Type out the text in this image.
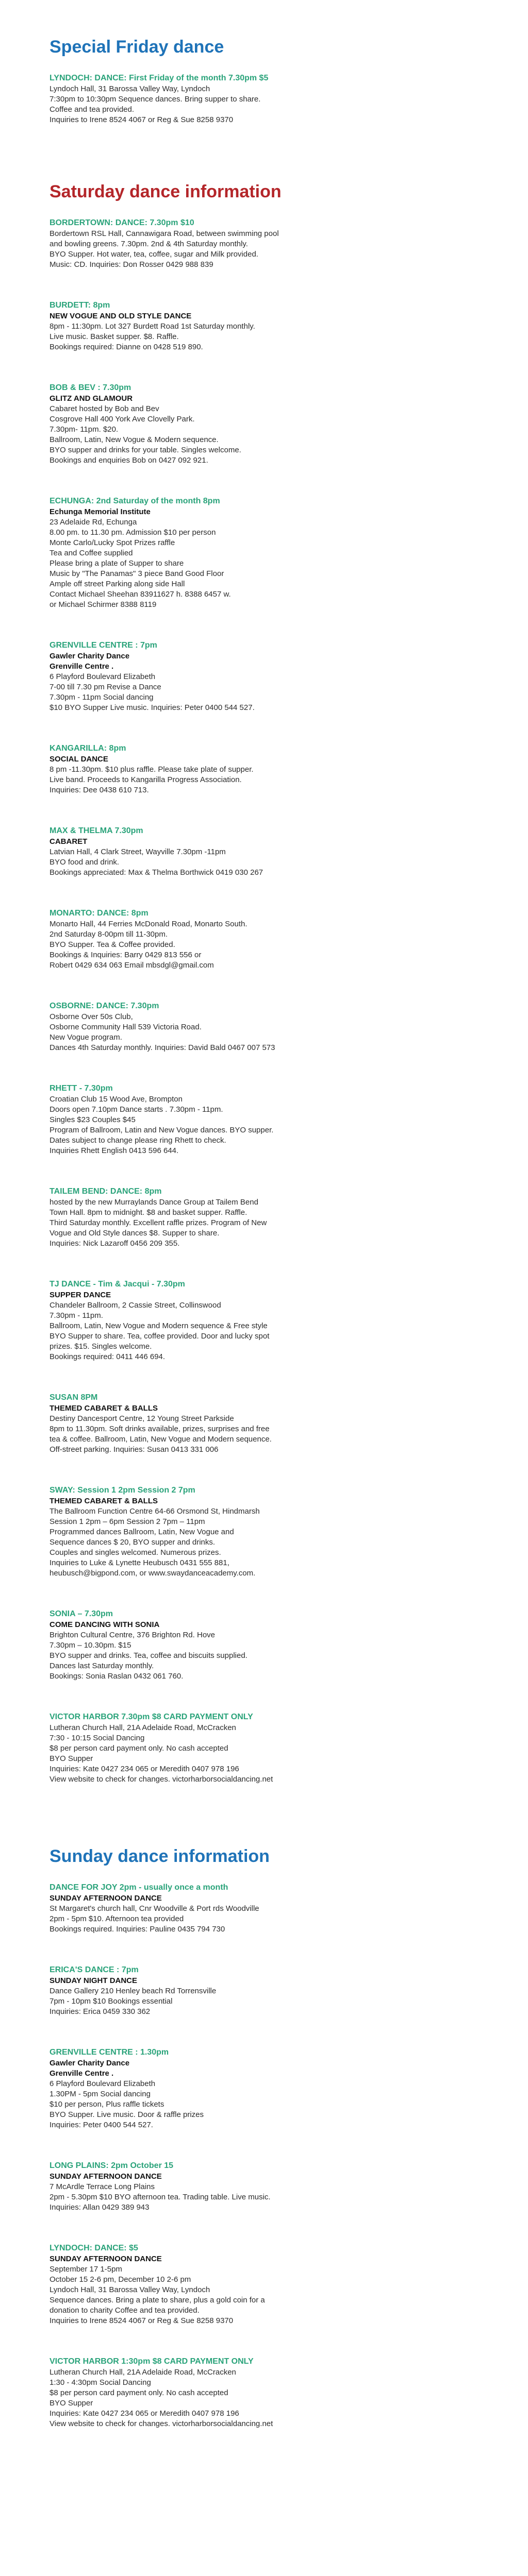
Special Friday dance
LYNDOCH: DANCE: First Friday of the month 7.30pm $5
Lyndoch Hall, 31 Barossa Valley Way, Lyndoch
7:30pm to 10:30pm Sequence dances. Bring supper to share.
Coffee and tea provided.
Inquiries to Irene 8524 4067 or Reg & Sue 8258 9370
Saturday dance information
BORDERTOWN: DANCE: 7.30pm $10
Bordertown RSL Hall, Cannawigara Road, between swimming pool
and bowling greens. 7.30pm. 2nd & 4th Saturday monthly.
BYO Supper. Hot water, tea, coffee, sugar and Milk provided.
Music: CD. Inquiries: Don Rosser 0429 988 839
BURDETT: 8pm
NEW VOGUE AND OLD STYLE DANCE
8pm - 11:30pm. Lot 327 Burdett Road 1st Saturday monthly.
Live music. Basket supper. $8. Raffle.
Bookings required: Dianne on 0428 519 890.
BOB & BEV : 7.30pm
GLITZ AND GLAMOUR
Cabaret hosted by Bob and Bev
Cosgrove Hall 400 York Ave Clovelly Park.
7.30pm- 11pm. $20.
Ballroom, Latin, New Vogue & Modern sequence.
BYO supper and drinks for your table. Singles welcome.
Bookings and enquiries Bob on 0427 092 921.
ECHUNGA: 2nd Saturday of the month 8pm
Echunga Memorial Institute
23 Adelaide Rd, Echunga
8.00 pm. to 11.30 pm. Admission $10 per person
Monte Carlo/Lucky Spot Prizes raffle
Tea and Coffee supplied
Please bring a plate of Supper to share
Music by "The Panamas" 3 piece Band Good Floor
Ample off street Parking along side Hall
Contact Michael Sheehan 83911627 h. 8388 6457 w.
or Michael Schirmer 8388 8119
GRENVILLE CENTRE : 7pm
Gawler Charity Dance
Grenville Centre .
6 Playford Boulevard Elizabeth
7-00 till 7.30 pm Revise a Dance
7.30pm - 11pm Social dancing
$10 BYO Supper Live music. Inquiries: Peter 0400 544 527.
KANGARILLA: 8pm
SOCIAL DANCE
8 pm -11.30pm. $10 plus raffle. Please take plate of supper.
Live band. Proceeds to Kangarilla Progress Association.
Inquiries: Dee 0438 610 713.
MAX & THELMA 7.30pm
CABARET
Latvian Hall, 4 Clark Street, Wayville 7.30pm -11pm
BYO food and drink.
Bookings appreciated: Max & Thelma Borthwick 0419 030 267
MONARTO: DANCE: 8pm
Monarto Hall, 44 Ferries McDonald Road, Monarto South.
2nd Saturday 8-00pm till 11-30pm.
BYO Supper. Tea & Coffee provided.
Bookings & Inquiries: Barry 0429 813 556 or
Robert 0429 634 063 Email mbsdgl@gmail.com
OSBORNE: DANCE: 7.30pm
Osborne Over 50s Club,
Osborne Community Hall 539 Victoria Road.
New Vogue program.
Dances 4th Saturday monthly. Inquiries: David Bald 0467 007 573
RHETT - 7.30pm
Croatian Club 15 Wood Ave, Brompton
Doors open 7.10pm Dance starts . 7.30pm - 11pm.
Singles $23 Couples $45
Program of Ballroom, Latin and New Vogue dances. BYO supper.
Dates subject to change please ring Rhett to check.
Inquiries Rhett English 0413 596 644.
TAILEM BEND: DANCE: 8pm
hosted by the new Murraylands Dance Group at Tailem Bend
Town Hall. 8pm to midnight. $8 and basket supper. Raffle.
Third Saturday monthly. Excellent raffle prizes. Program of New
Vogue and Old Style dances $8. Supper to share.
Inquiries: Nick Lazaroff 0456 209 355.
TJ DANCE - Tim & Jacqui - 7.30pm
SUPPER DANCE
Chandeler Ballroom, 2 Cassie Street, Collinswood
7.30pm - 11pm.
Ballroom, Latin, New Vogue and Modern sequence & Free style
BYO Supper to share. Tea, coffee provided. Door and lucky spot
prizes. $15. Singles welcome.
Bookings required: 0411 446 694.
SUSAN 8PM
THEMED CABARET & BALLS
Destiny Dancesport Centre, 12 Young Street Parkside
8pm to 11.30pm. Soft drinks available, prizes, surprises and free
tea & coffee. Ballroom, Latin, New Vogue and Modern sequence.
Off-street parking. Inquiries: Susan 0413 331 006
SWAY: Session 1 2pm Session 2 7pm
THEMED CABARET & BALLS
The Ballroom Function Centre 64-66 Orsmond St, Hindmarsh
Session 1 2pm – 6pm Session 2 7pm – 11pm
Programmed dances Ballroom, Latin, New Vogue and
Sequence dances $ 20, BYO supper and drinks.
Couples and singles welcomed. Numerous prizes.
Inquiries to Luke & Lynette Heubusch 0431 555 881,
heubusch@bigpond.com, or www.swaydanceacademy.com.
SONIA – 7.30pm
COME DANCING WITH SONIA
Brighton Cultural Centre, 376 Brighton Rd. Hove
7.30pm – 10.30pm. $15
BYO supper and drinks. Tea, coffee and biscuits supplied.
Dances last Saturday monthly.
Bookings: Sonia Raslan 0432 061 760.
VICTOR HARBOR 7.30pm $8 CARD PAYMENT ONLY
Lutheran Church Hall, 21A Adelaide Road, McCracken
7:30 - 10:15 Social Dancing
$8 per person card payment only. No cash accepted
BYO Supper
Inquiries: Kate 0427 234 065 or Meredith 0407 978 196
View website to check for changes. victorharborsocialdancing.net
Sunday dance information
DANCE FOR JOY 2pm - usually once a month
SUNDAY AFTERNOON DANCE
St Margaret's church hall, Cnr Woodville & Port rds Woodville
2pm - 5pm $10. Afternoon tea provided
Bookings required. Inquiries: Pauline 0435 794 730
ERICA'S DANCE : 7pm
SUNDAY NIGHT DANCE
Dance Gallery 210 Henley beach Rd Torrensville
7pm - 10pm $10 Bookings essential
Inquiries: Erica 0459 330 362
GRENVILLE CENTRE : 1.30pm
Gawler Charity Dance
Grenville Centre .
6 Playford Boulevard Elizabeth
1.30PM - 5pm Social dancing
$10 per person, Plus raffle tickets
BYO Supper. Live music. Door & raffle prizes
Inquiries: Peter 0400 544 527.
LONG PLAINS: 2pm October 15
SUNDAY AFTERNOON DANCE
7 McArdle Terrace Long Plains
2pm - 5.30pm $10 BYO afternoon tea. Trading table. Live music.
Inquiries: Allan 0429 389 943
LYNDOCH: DANCE: $5
SUNDAY AFTERNOON DANCE
September 17 1-5pm
October 15 2-6 pm, December 10 2-6 pm
Lyndoch Hall, 31 Barossa Valley Way, Lyndoch
Sequence dances. Bring a plate to share, plus a gold coin for a
donation to charity Coffee and tea provided.
Inquiries to Irene 8524 4067 or Reg & Sue 8258 9370
VICTOR HARBOR 1:30pm $8 CARD PAYMENT ONLY
Lutheran Church Hall, 21A Adelaide Road, McCracken
1:30 - 4:30pm Social Dancing
$8 per person card payment only. No cash accepted
BYO Supper
Inquiries: Kate 0427 234 065 or Meredith 0407 978 196
View website to check for changes. victorharborsocialdancing.net
